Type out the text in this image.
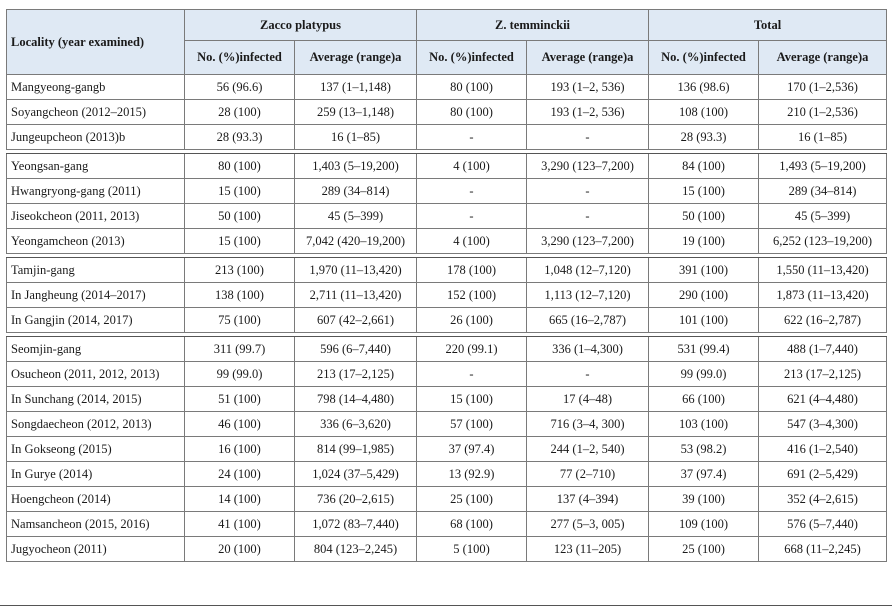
Locality (year examined)	Zacco platypus		Z. temminckii		Total	
	No. (%)infected	Average (range)a	No. (%)infected	Average (range)a	No. (%)infected	Average (range)a
Mangyeong-gangb	56 (96.6)	137 (1–1,148)	80 (100)	193 (1–2, 536)	136 (98.6)	170 (1–2,536)
Soyangcheon (2012–2015)	28 (100)	259 (13–1,148)	80 (100)	193 (1–2, 536)	108 (100)	210 (1–2,536)
Jungeupcheon (2013)b	28 (93.3)	16 (1–85)	-	-	28 (93.3)	16 (1–85)

Yeongsan-gang	80 (100)	1,403 (5–19,200)	4 (100)	3,290 (123–7,200)	84 (100)	1,493 (5–19,200)
Hwangryong-gang (2011)	15 (100)	289 (34–814)	-	-	15 (100)	289 (34–814)
Jiseokcheon (2011, 2013)	50 (100)	45 (5–399)	-	-	50 (100)	45 (5–399)
Yeongamcheon (2013)	15 (100)	7,042 (420–19,200)	4 (100)	3,290 (123–7,200)	19 (100)	6,252 (123–19,200)

Tamjin-gang	213 (100)	1,970 (11–13,420)	178 (100)	1,048 (12–7,120)	391 (100)	1,550 (11–13,420)
In Jangheung (2014–2017)	138 (100)	2,711 (11–13,420)	152 (100)	1,113 (12–7,120)	290 (100)	1,873 (11–13,420)
In Gangjin (2014, 2017)	75 (100)	607 (42–2,661)	26 (100)	665 (16–2,787)	101 (100)	622 (16–2,787)

Seomjin-gang	311 (99.7)	596 (6–7,440)	220 (99.1)	336 (1–4,300)	531 (99.4)	488 (1–7,440)
Osucheon (2011, 2012, 2013)	99 (99.0)	213 (17–2,125)	-	-	99 (99.0)	213 (17–2,125)
In Sunchang (2014, 2015)	51 (100)	798 (14–4,480)	15 (100)	17 (4–48)	66 (100)	621 (4–4,480)
Songdaecheon (2012, 2013)	46 (100)	336 (6–3,620)	57 (100)	716 (3–4, 300)	103 (100)	547 (3–4,300)
In Gokseong (2015)	16 (100)	814 (99–1,985)	37 (97.4)	244 (1–2, 540)	53 (98.2)	416 (1–2,540)
In Gurye (2014)	24 (100)	1,024 (37–5,429)	13 (92.9)	77 (2–710)	37 (97.4)	691 (2–5,429)
Hoengcheon (2014)	14 (100)	736 (20–2,615)	25 (100)	137 (4–394)	39 (100)	352 (4–2,615)
Namsancheon (2015, 2016)	41 (100)	1,072 (83–7,440)	68 (100)	277 (5–3, 005)	109 (100)	576 (5–7,440)
Jugyocheon (2011)	20 (100)	804 (123–2,245)	5 (100)	123 (11–205)	25 (100)	668 (11–2,245)
